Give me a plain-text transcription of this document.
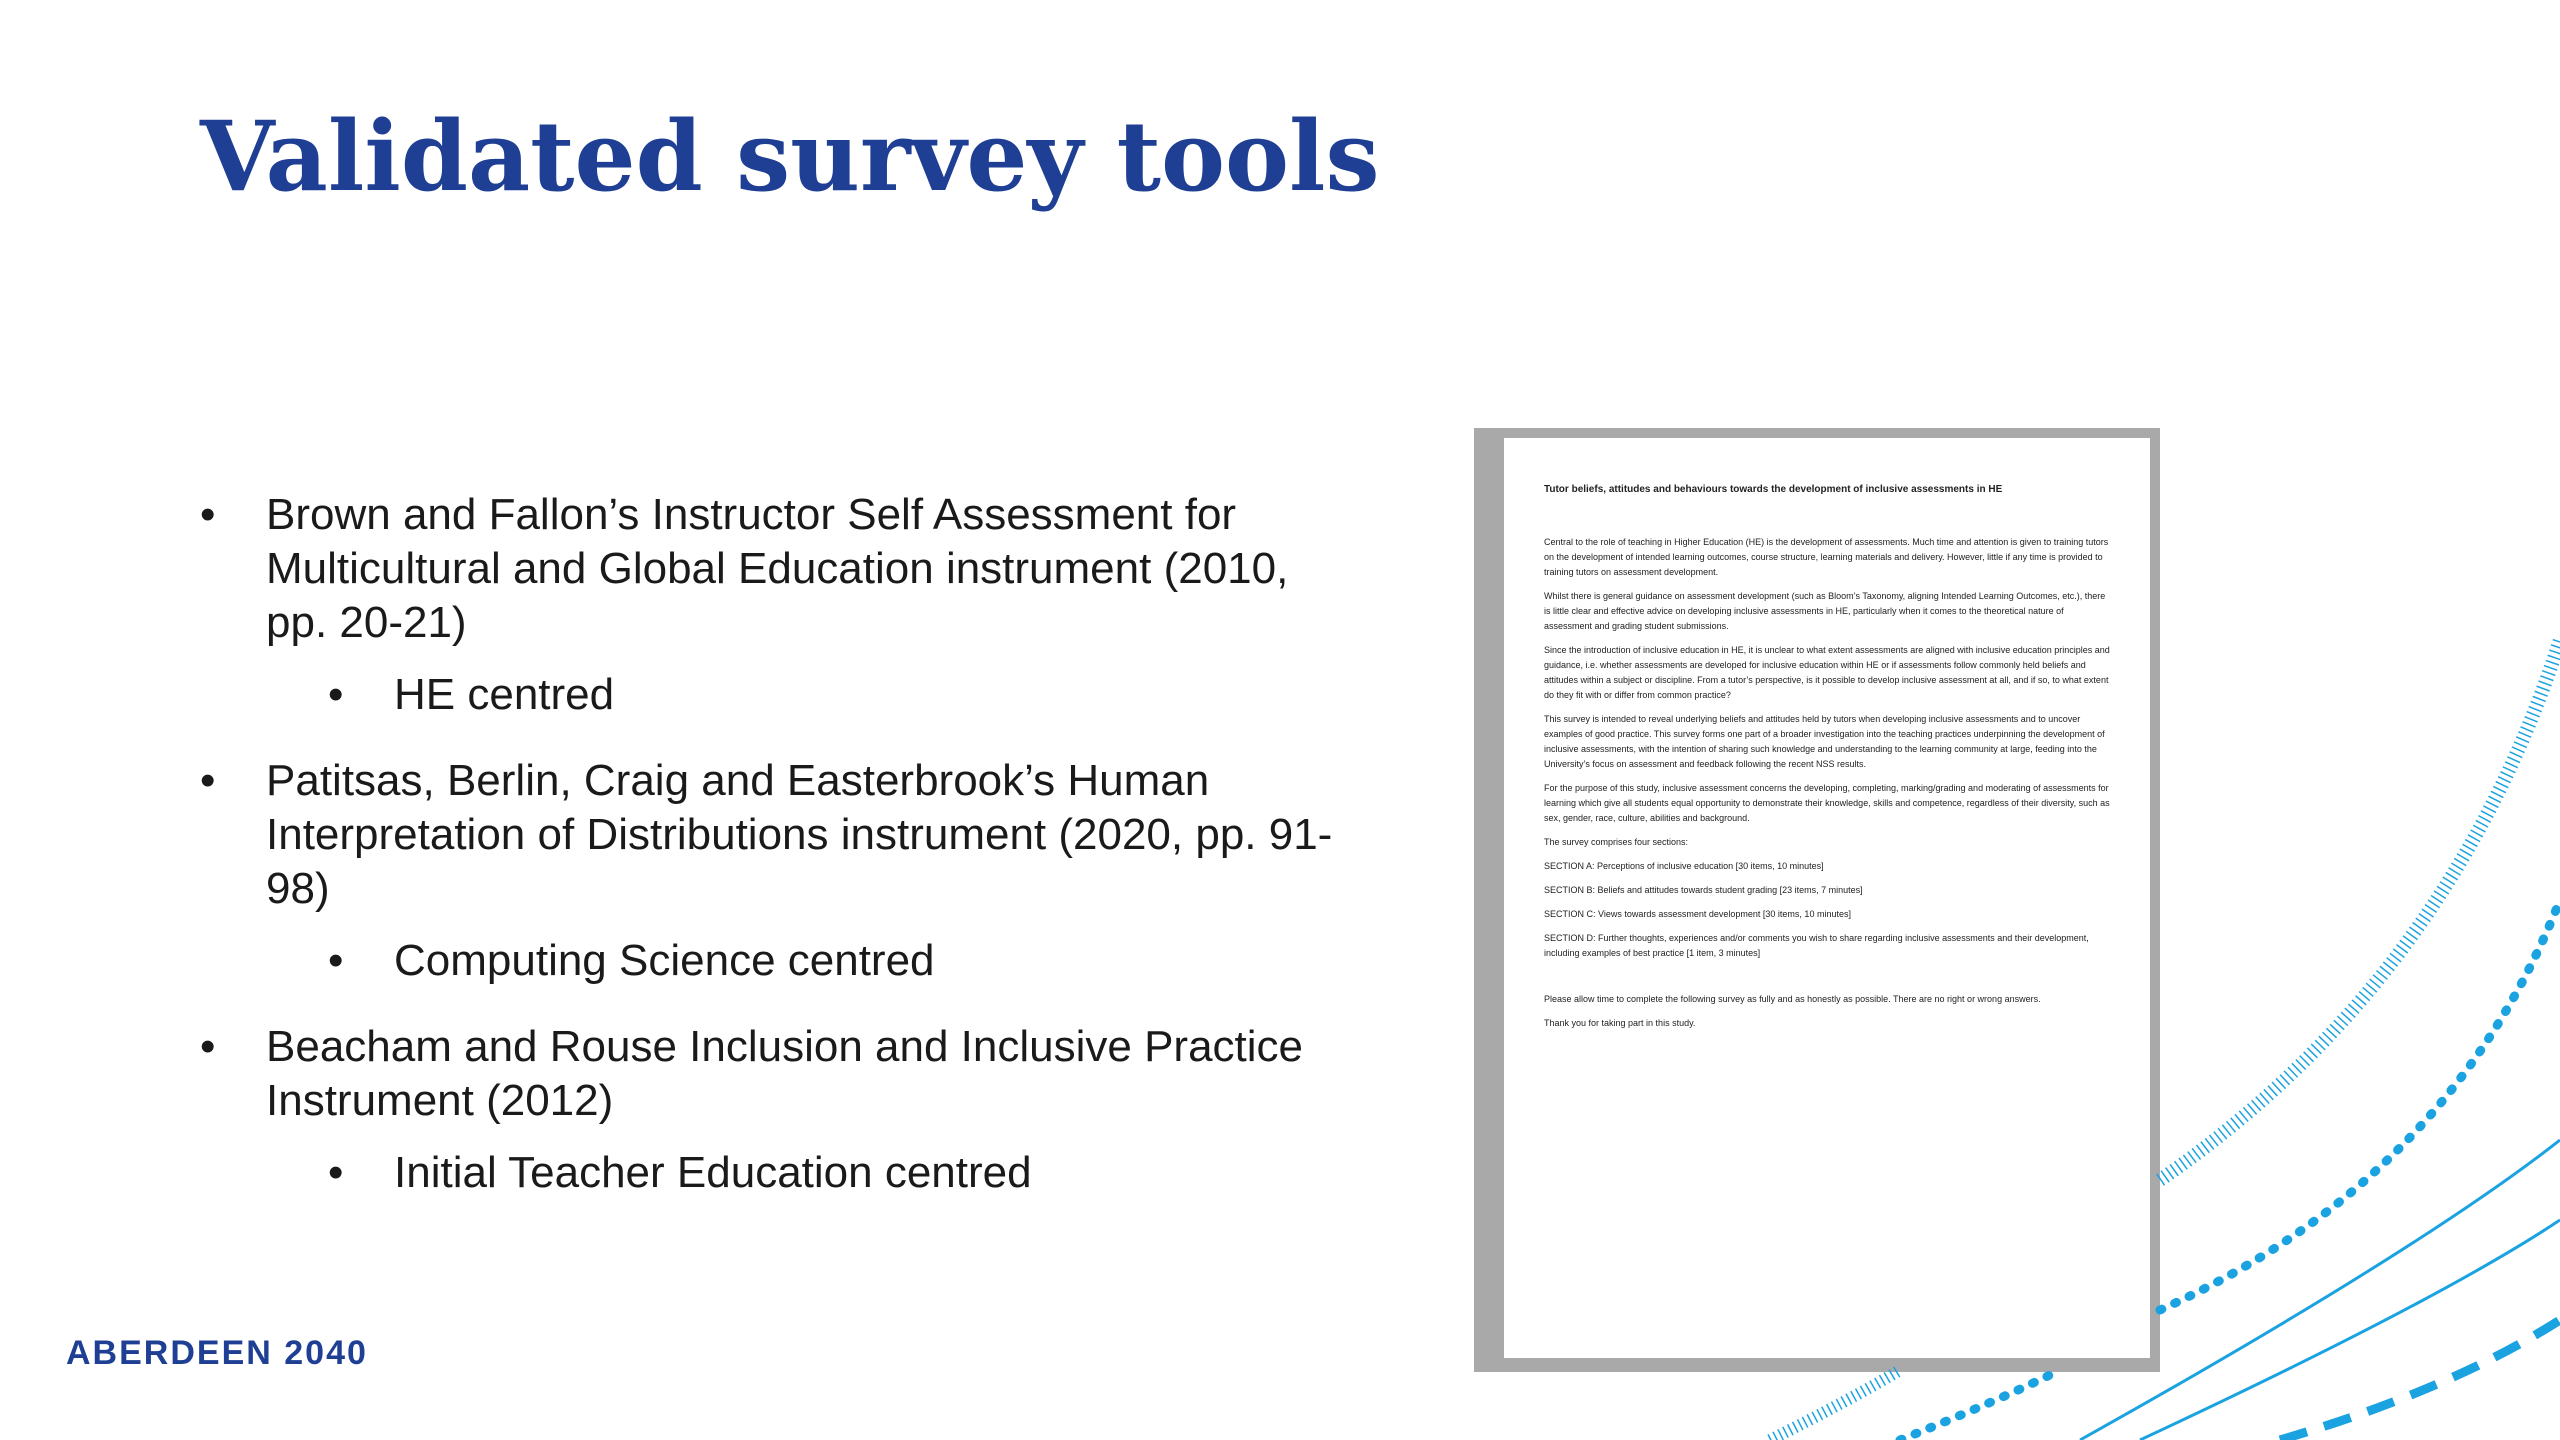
Validated survey tools
•	Brown and Fallon’s Instructor Self Assessment for Multicultural and Global Education instrument (2010, pp. 20-21)
• HE centred
•	Patitsas, Berlin, Craig and Easterbrook’s Human Interpretation of Distributions instrument (2020, pp. 91-98)
• Computing Science centred
•	Beacham and Rouse Inclusion and Inclusive Practice Instrument (2012)
• Initial Teacher Education centred
Tutor beliefs, attitudes and behaviours towards the development of inclusive assessments in HE
Central to the role of teaching in Higher Education (HE) is the development of assessments. Much time and attention is given to training tutors on the development of intended learning outcomes, course structure, learning materials and delivery. However, little if any time is provided to training tutors on assessment development.
Whilst there is general guidance on assessment development (such as Bloom’s Taxonomy, aligning Intended Learning Outcomes, etc.), there is little clear and effective advice on developing inclusive assessments in HE, particularly when it comes to the theoretical nature of assessment and grading student submissions.
Since the introduction of inclusive education in HE, it is unclear to what extent assessments are aligned with inclusive education principles and guidance, i.e. whether assessments are developed for inclusive education within HE or if assessments follow commonly held beliefs and attitudes within a subject or discipline. From a tutor’s perspective, is it possible to develop inclusive assessment at all, and if so, to what extent do they fit with or differ from common practice?
This survey is intended to reveal underlying beliefs and attitudes held by tutors when developing inclusive assessments and to uncover examples of good practice. This survey forms one part of a broader investigation into the teaching practices underpinning the development of inclusive assessments, with the intention of sharing such knowledge and understanding to the learning community at large, feeding into the University’s focus on assessment and feedback following the recent NSS results.
For the purpose of this study, inclusive assessment concerns the developing, completing, marking/grading and moderating of assessments for learning which give all students equal opportunity to demonstrate their knowledge, skills and competence, regardless of their diversity, such as sex, gender, race, culture, abilities and background.
The survey comprises four sections:
SECTION A: Perceptions of inclusive education [30 items, 10 minutes]
SECTION B: Beliefs and attitudes towards student grading [23 items, 7 minutes]
SECTION C: Views towards assessment development [30 items, 10 minutes]
SECTION D: Further thoughts, experiences and/or comments you wish to share regarding inclusive assessments and their development, including examples of best practice [1 item, 3 minutes]
Please allow time to complete the following survey as fully and as honestly as possible. There are no right or wrong answers.
Thank you for taking part in this study.
ABERDEEN 2040
